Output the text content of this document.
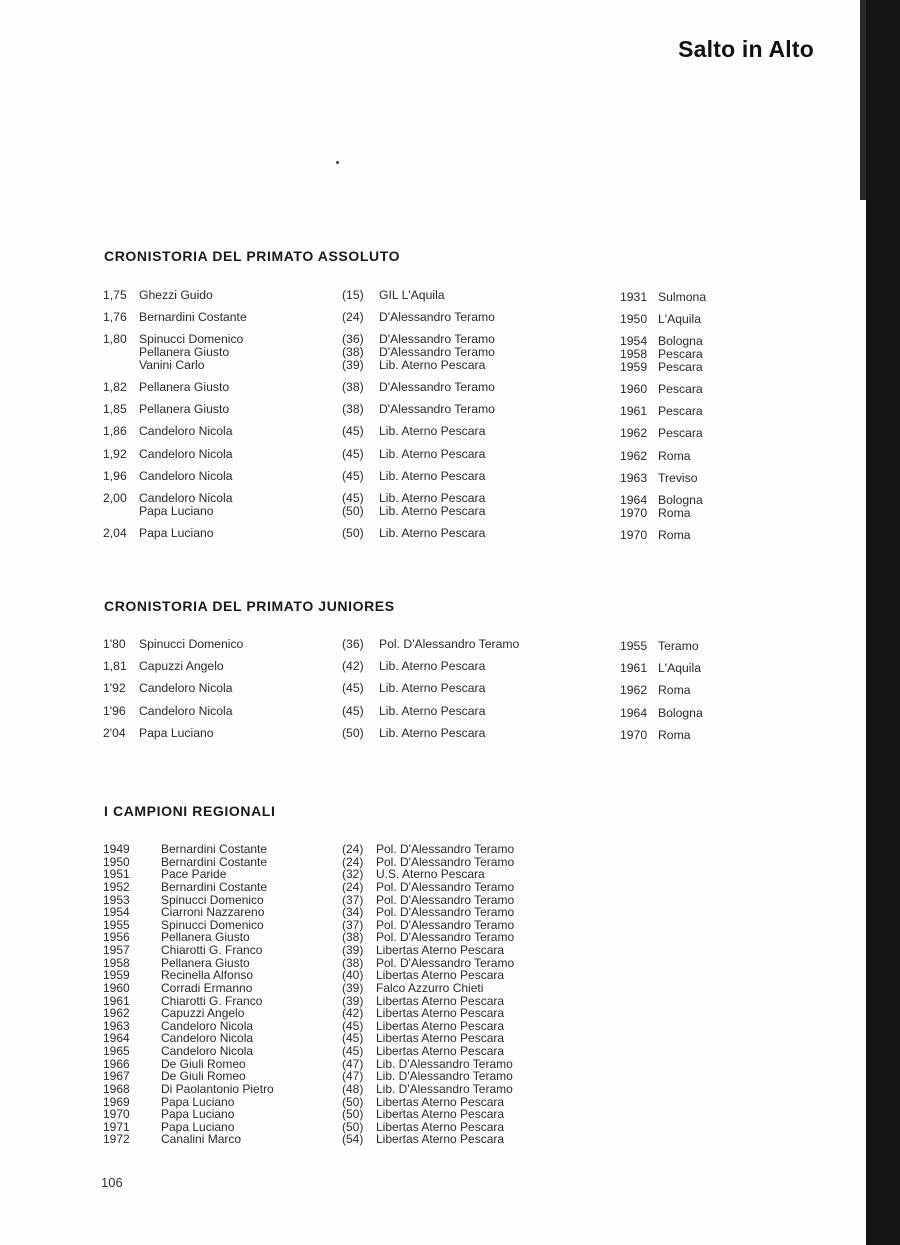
Salto in Alto
CRONISTORIA DEL PRIMATO ASSOLUTO
1,75 Ghezzi Guido	(15) GIL L'Aquila	1931 Sulmona
1,76 Bernardini Costante	(24) D'Alessandro Teramo	1950 L'Aquila
1,80 Spinucci Domenico	(36) D'Alessandro Teramo	1954 Bologna
Pellanera Giusto	(38) D'Alessandro Teramo	1958 Pescara
Vanini Carlo	(39) Lib. Aterno Pescara	1959 Pescara
1,82 Pellanera Giusto	(38) D'Alessandro Teramo	1960 Pescara
1,85 Pellanera Giusto	(38) D'Alessandro Teramo	1961 Pescara
1,86 Candeloro Nicola	(45) Lib. Aterno Pescara	1962 Pescara
1,92 Candeloro Nicola	(45) Lib. Aterno Pescara	1962 Roma
1,96 Candeloro Nicola	(45) Lib. Aterno Pescara	1963 Treviso
2,00 Candeloro Nicola	(45) Lib. Aterno Pescara	1964 Bologna
Papa Luciano	(50) Lib. Aterno Pescara	1970 Roma
2,04 Papa Luciano	(50) Lib. Aterno Pescara	1970 Roma
CRONISTORIA DEL PRIMATO JUNIORES
1'80 Spinucci Domenico	(36) Pol. D'Alessandro Teramo	1955 Teramo
1,81 Capuzzi Angelo	(42) Lib. Aterno Pescara	1961 L'Aquila
1'92 Candeloro Nicola	(45) Lib. Aterno Pescara	1962 Roma
1'96 Candeloro Nicola	(45) Lib. Aterno Pescara	1964 Bologna
2'04 Papa Luciano	(50) Lib. Aterno Pescara	1970 Roma
I CAMPIONI REGIONALI
1949	Bernardini Costante	(24) Pol. D'Alessandro Teramo
1950	Bernardini Costante	(24) Pol. D'Alessandro Teramo
1951	Pace Paride	(32) U.S. Aterno Pescara
1952	Bernardini Costante	(24) Pol. D'Alessandro Teramo
1953	Spinucci Domenico	(37) Pol. D'Alessandro Teramo
1954	Ciarroni Nazzareno	(34) Pol. D'Alessandro Teramo
1955	Spinucci Domenico	(37) Pol. D'Alessandro Teramo
1956	Pellanera Giusto	(38) Pol. D'Alessandro Teramo
1957	Chiarotti G. Franco	(39) Libertas Aterno Pescara
1958	Pellanera Giusto	(38) Pol. D'Alessandro Teramo
1959	Recinella Alfonso	(40) Libertas Aterno Pescara
1960	Corradi Ermanno	(39) Falco Azzurro Chieti
1961	Chiarotti G. Franco	(39) Libertas Aterno Pescara
1962	Capuzzi Angelo	(42) Libertas Aterno Pescara
1963	Candeloro Nicola	(45) Libertas Aterno Pescara
1964	Candeloro Nicola	(45) Libertas Aterno Pescara
1965	Candeloro Nicola	(45) Libertas Aterno Pescara
1966	De Giuli Romeo	(47) Lib. D'Alessandro Teramo
1967	De Giuli Romeo	(47) Lib. D'Alessandro Teramo
1968	Di Paolantonio Pietro	(48) Lib. D'Alessandro Teramo
1969	Papa Luciano	(50) Libertas Aterno Pescara
1970	Papa Luciano	(50) Libertas Aterno Pescara
1971	Papa Luciano	(50) Libertas Aterno Pescara
1972	Canalini Marco	(54) Libertas Aterno Pescara
106
